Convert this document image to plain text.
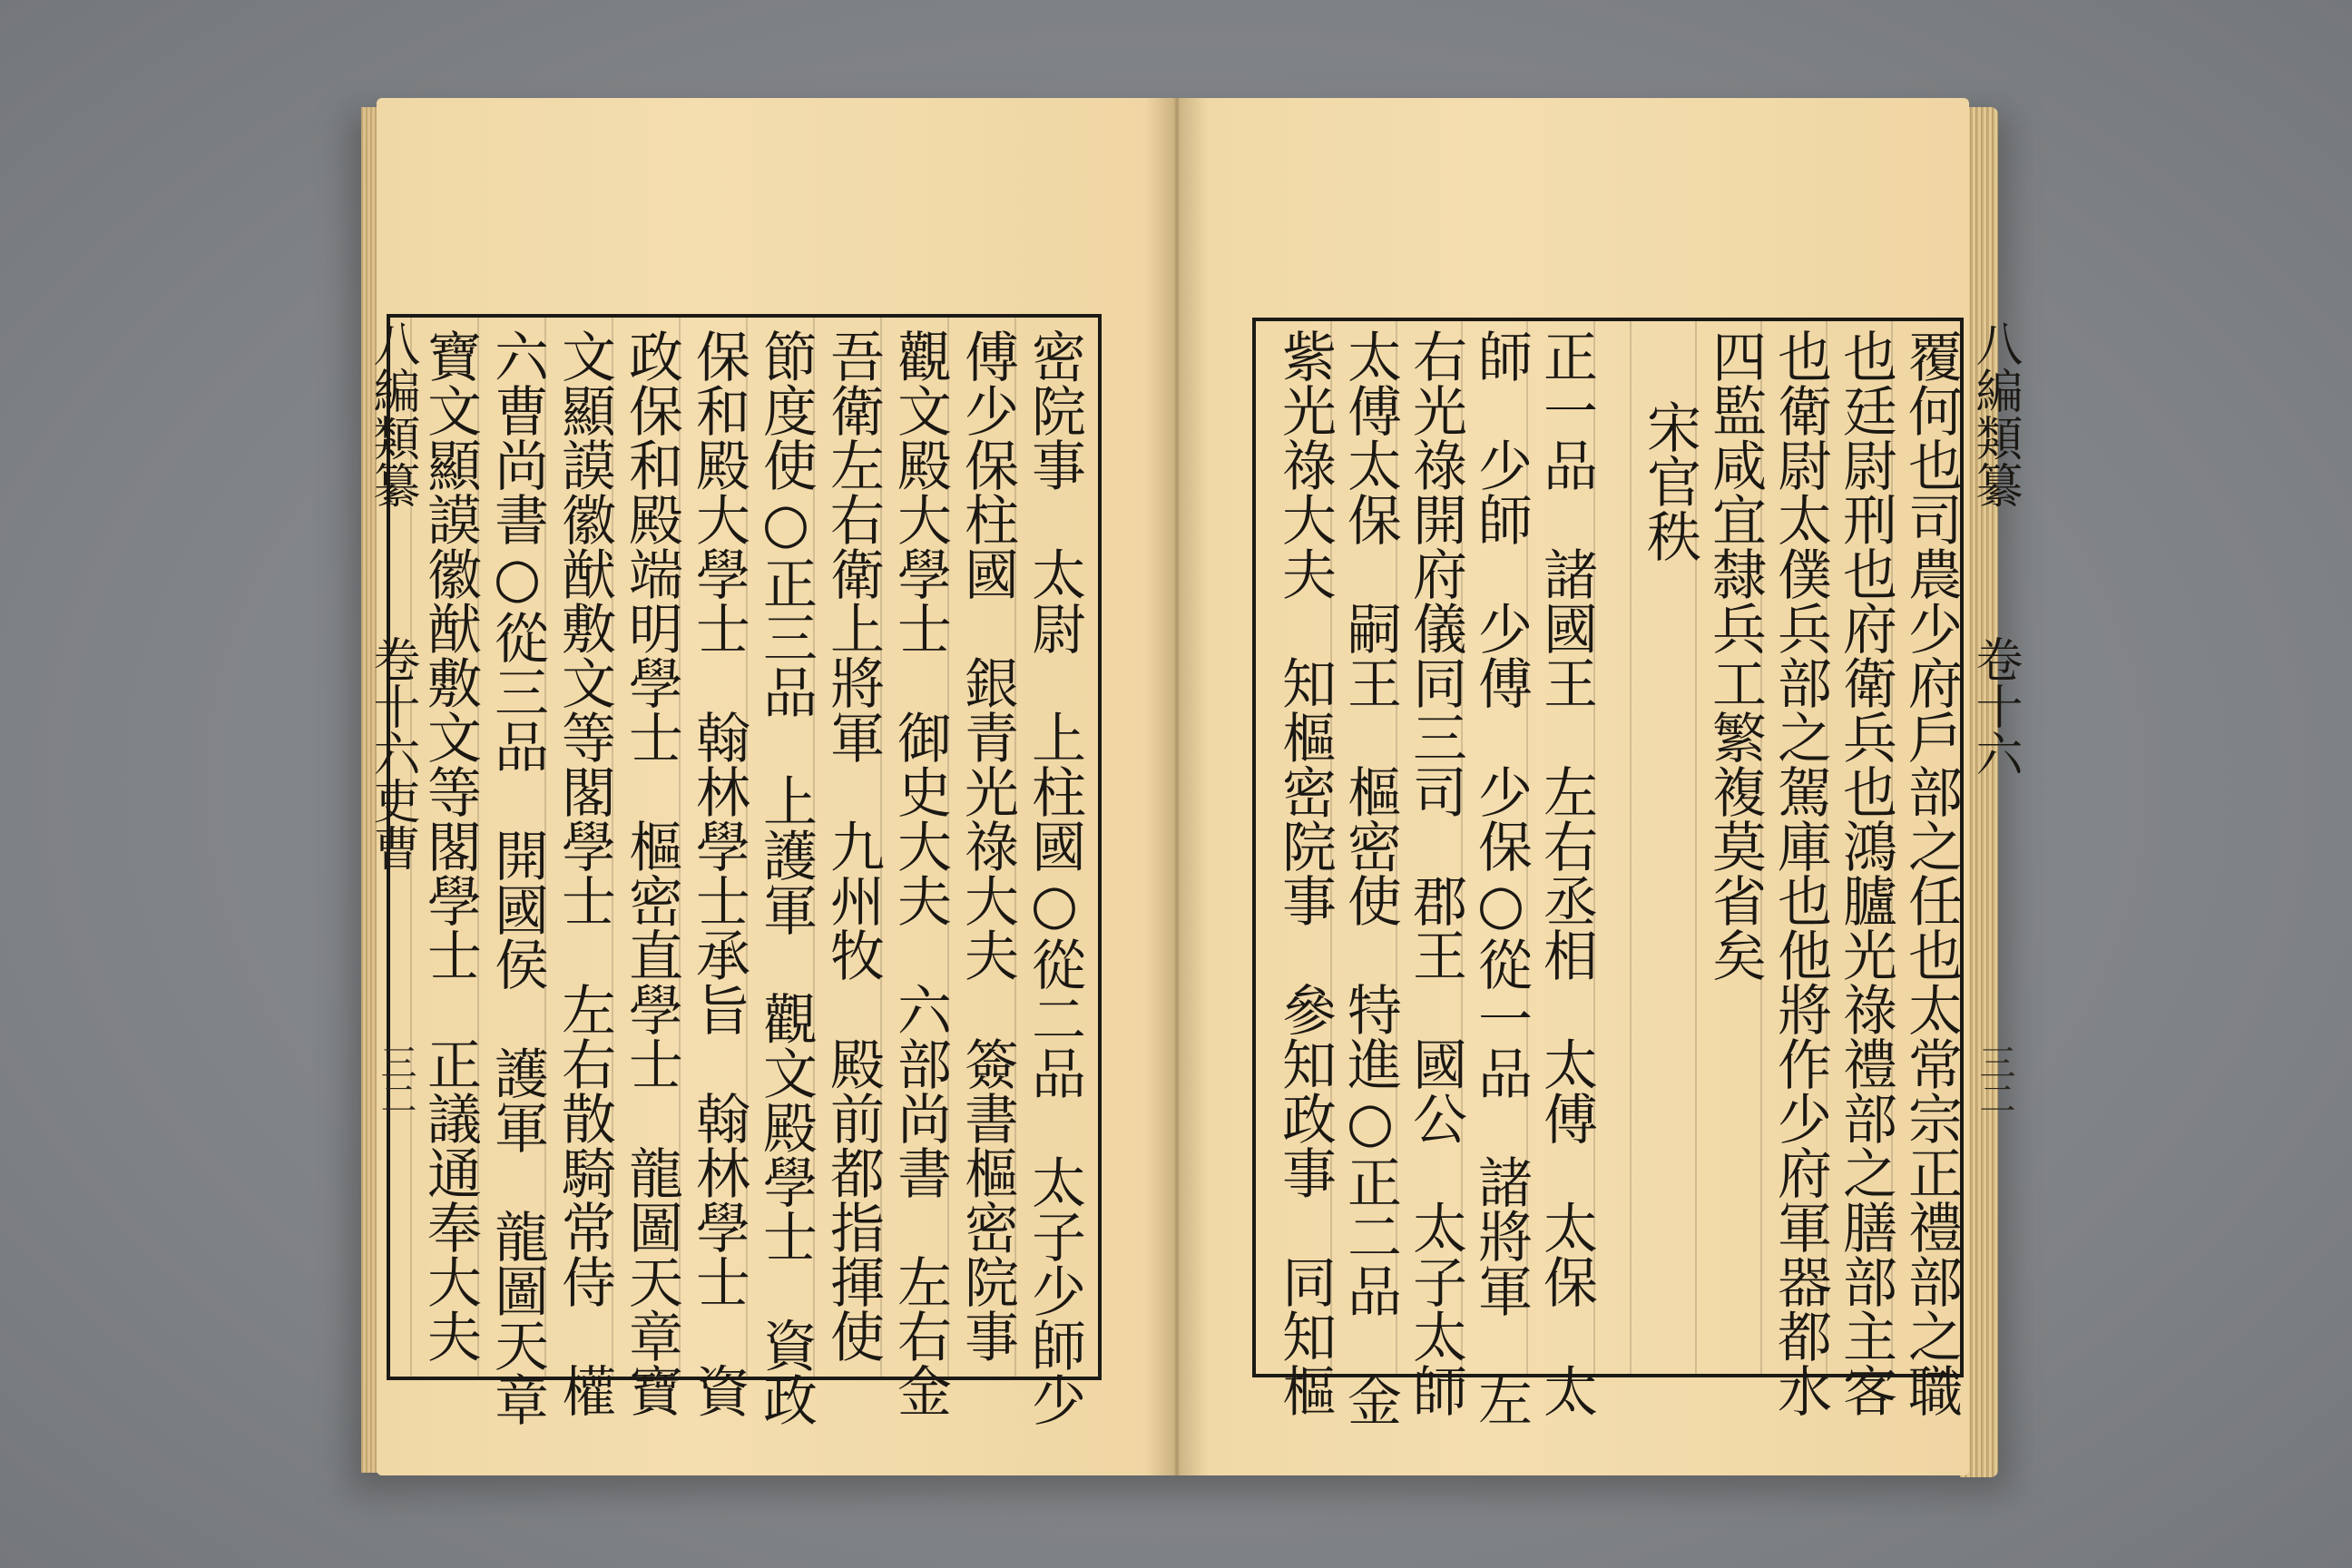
密院事　太尉　上柱國○從二品　太子少師少
傅少保柱國　銀青光祿大夫　簽書樞密院事
觀文殿大學士　御史大夫　六部尚書　左右金
吾衛左右衛上將軍　九州牧　殿前都指揮使
節度使○正三品　上護軍　觀文殿學士　資政
保和殿大學士　翰林學士承旨　翰林學士　資
政保和殿端明學士　樞密直學士　龍圖天章寶
文顯謨徽猷敷文等閣學士　左右散騎常侍　權
六曹尚書○從三品　開國侯　護軍　龍圖天章
寶文顯謨徽猷敷文等閣學士　正議通奉大夫
八編類纂
卷十六吏曹
三二	覆何也司農少府戶部之任也太常宗正禮部之職
也廷尉刑也府衛兵也鴻臚光祿禮部之膳部主客
也衛尉太僕兵部之駕庫也他將作少府軍器都水
四監咸宜隸兵工繁複莫省矣
宋官秩
正一品　諸國王　左右丞相　太傅　太保　太
師　少師　少傅　少保○從一品　諸將軍　左
右光祿開府儀同三司　郡王　國公　太子太師
太傅太保　嗣王　樞密使　特進○正二品　金
紫光祿大夫　知樞密院事　參知政事　同知樞	八編類纂
卷十六
三二
